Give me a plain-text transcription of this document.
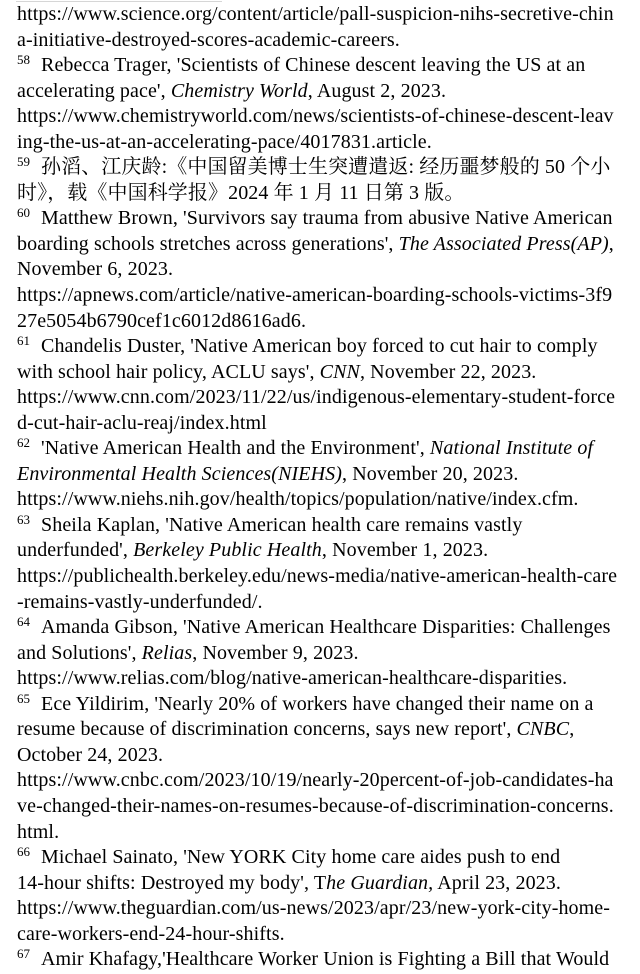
https://www.science.org/content/article/pall-suspicion-nihs-secretive-chin
a-initiative-destroyed-scores-academic-careers.
$^{58}$ Rebecca Trager, 'Scientists of Chinese descent leaving the US at an
accelerating pace', Chemistry World, August 2, 2023.
https://www.chemistryworld.com/news/scientists-of-chinese-descent-leav
ing-the-us-at-an-accelerating-pace/4017831.article.
$^{59}$ 孙滔、江庆龄:《中国留美博士生突遭遣返: 经历噩梦般的 50 个小
时》，载《中国科学报》2024 年 1 月 11 日第 3 版。
$^{60}$ Matthew Brown, 'Survivors say trauma from abusive Native American
boarding schools stretches across generations', The Associated Press(AP),
November 6, 2023.
https://apnews.com/article/native-american-boarding-schools-victims-3f9
27e5054b6790cef1c6012d8616ad6.
$^{61}$ Chandelis Duster, 'Native American boy forced to cut hair to comply
with school hair policy, ACLU says', CNN, November 22, 2023.
https://www.cnn.com/2023/11/22/us/indigenous-elementary-student-force
d-cut-hair-aclu-reaj/index.html
$^{62}$ 'Native American Health and the Environment', National Institute of
Environmental Health Sciences(NIEHS), November 20, 2023.
https://www.niehs.nih.gov/health/topics/population/native/index.cfm.
$^{63}$ Sheila Kaplan, 'Native American health care remains vastly
underfunded', Berkeley Public Health, November 1, 2023.
https://publichealth.berkeley.edu/news-media/native-american-health-care
-remains-vastly-underfunded/.
$^{64}$ Amanda Gibson, 'Native American Healthcare Disparities: Challenges
and Solutions', Relias, November 9, 2023.
https://www.relias.com/blog/native-american-healthcare-disparities.
$^{65}$ Ece Yildirim, 'Nearly 20% of workers have changed their name on a
resume because of discrimination concerns, says new report', CNBC,
October 24, 2023.
https://www.cnbc.com/2023/10/19/nearly-20percent-of-job-candidates-ha
ve-changed-their-names-on-resumes-because-of-discrimination-concerns.
html.
$^{66}$ Michael Sainato, 'New YORK City home care aides push to end
14-hour shifts: Destroyed my body', The Guardian, April 23, 2023.
https://www.theguardian.com/us-news/2023/apr/23/new-york-city-home-
care-workers-end-24-hour-shifts.
$^{67}$ Amir Khafagy,'Healthcare Worker Union is Fighting a Bill that Would
